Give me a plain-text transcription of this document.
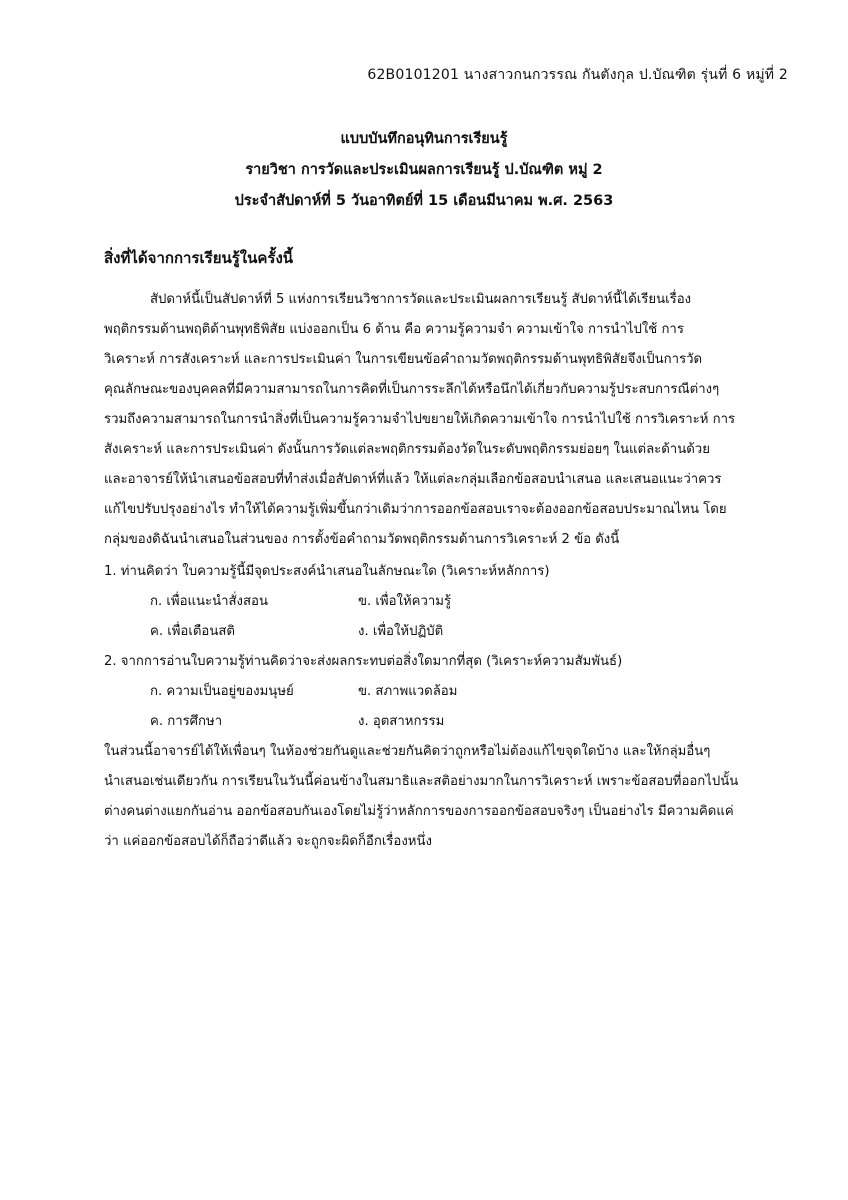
62B0101201 นางสาวกนกวรรณ กันตังกุล ป.บัณฑิต รุ่นที่ 6 หมู่ที่ 2
แบบบันทึกอนุทินการเรียนรู้
รายวิชา การวัดและประเมินผลการเรียนรู้ ป.บัณฑิต หมู่ 2
ประจำสัปดาห์ที่ 5 วันอาทิตย์ที่ 15 เดือนมีนาคม พ.ศ. 2563
สิ่งที่ได้จากการเรียนรู้ในครั้งนี้
สัปดาห์นี้เป็นสัปดาห์ที่ 5 แห่งการเรียนวิชาการวัดและประเมินผลการเรียนรู้ สัปดาห์นี้ได้เรียนเรื่อง
พฤติกรรมด้านพฤติด้านพุทธิพิสัย แบ่งออกเป็น 6 ด้าน คือ ความรู้ความจำ ความเข้าใจ การนำไปใช้ การ
วิเคราะห์ การสังเคราะห์ และการประเมินค่า ในการเขียนข้อคำถามวัดพฤติกรรมด้านพุทธิพิสัยจึงเป็นการวัด
คุณลักษณะของบุคคลที่มีความสามารถในการคิดที่เป็นการระลึกได้หรือนึกได้เกี่ยวกับความรู้ประสบการณีต่างๆ
รวมถึงความสามารถในการนำสิ่งที่เป็นความรู้ความจำไปขยายให้เกิดความเข้าใจ การนำไปใช้ การวิเคราะห์ การ
สังเคราะห์ และการประเมินค่า ดังนั้นการวัดแต่ละพฤติกรรมต้องวัดในระดับพฤติกรรมย่อยๆ ในแต่ละด้านด้วย
และอาจารย์ให้นำเสนอข้อสอบที่ทำส่งเมื่อสัปดาห์ที่แล้ว ให้แต่ละกลุ่มเลือกข้อสอบนำเสนอ และเสนอแนะว่าควร
แก้ไขปรับปรุงอย่างไร ทำให้ได้ความรู้เพิ่มขึ้นกว่าเดิมว่าการออกข้อสอบเราจะต้องออกข้อสอบประมาณไหน โดย
กลุ่มของดิฉันนำเสนอในส่วนของ การตั้งข้อคำถามวัดพฤติกรรมด้านการวิเคราะห์ 2 ข้อ ดังนี้
1. ท่านคิดว่า ใบความรู้นี้มีจุดประสงค์นำเสนอในลักษณะใด (วิเคราะห์หลักการ)
ก. เพื่อแนะนำสั่งสอน	ข. เพื่อให้ความรู้
ค. เพื่อเตือนสติ	ง. เพื่อให้ปฏิบัติ
2. จากการอ่านใบความรู้ท่านคิดว่าจะส่งผลกระทบต่อสิ่งใดมากที่สุด (วิเคราะห์ความสัมพันธ์)
ก. ความเป็นอยู่ของมนุษย์	ข. สภาพแวดล้อม
ค. การศึกษา	ง. อุตสาหกรรม
ในส่วนนี้อาจารย์ได้ให้เพื่อนๆ ในห้องช่วยกันดูและช่วยกันคิดว่าถูกหรือไม่ต้องแก้ไขจุดใดบ้าง และให้กลุ่มอื่นๆ
นำเสนอเช่นเดียวกัน การเรียนในวันนี้ค่อนข้างในสมาธิและสติอย่างมากในการวิเคราะห์ เพราะข้อสอบที่ออกไปนั้น
ต่างคนต่างแยกกันอ่าน ออกข้อสอบกันเองโดยไม่รู้ว่าหลักการของการออกข้อสอบจริงๆ เป็นอย่างไร มีความคิดแค่
ว่า แค่ออกข้อสอบได้ก็ถือว่าดีแล้ว จะถูกจะผิดก็อีกเรื่องหนึ่ง
